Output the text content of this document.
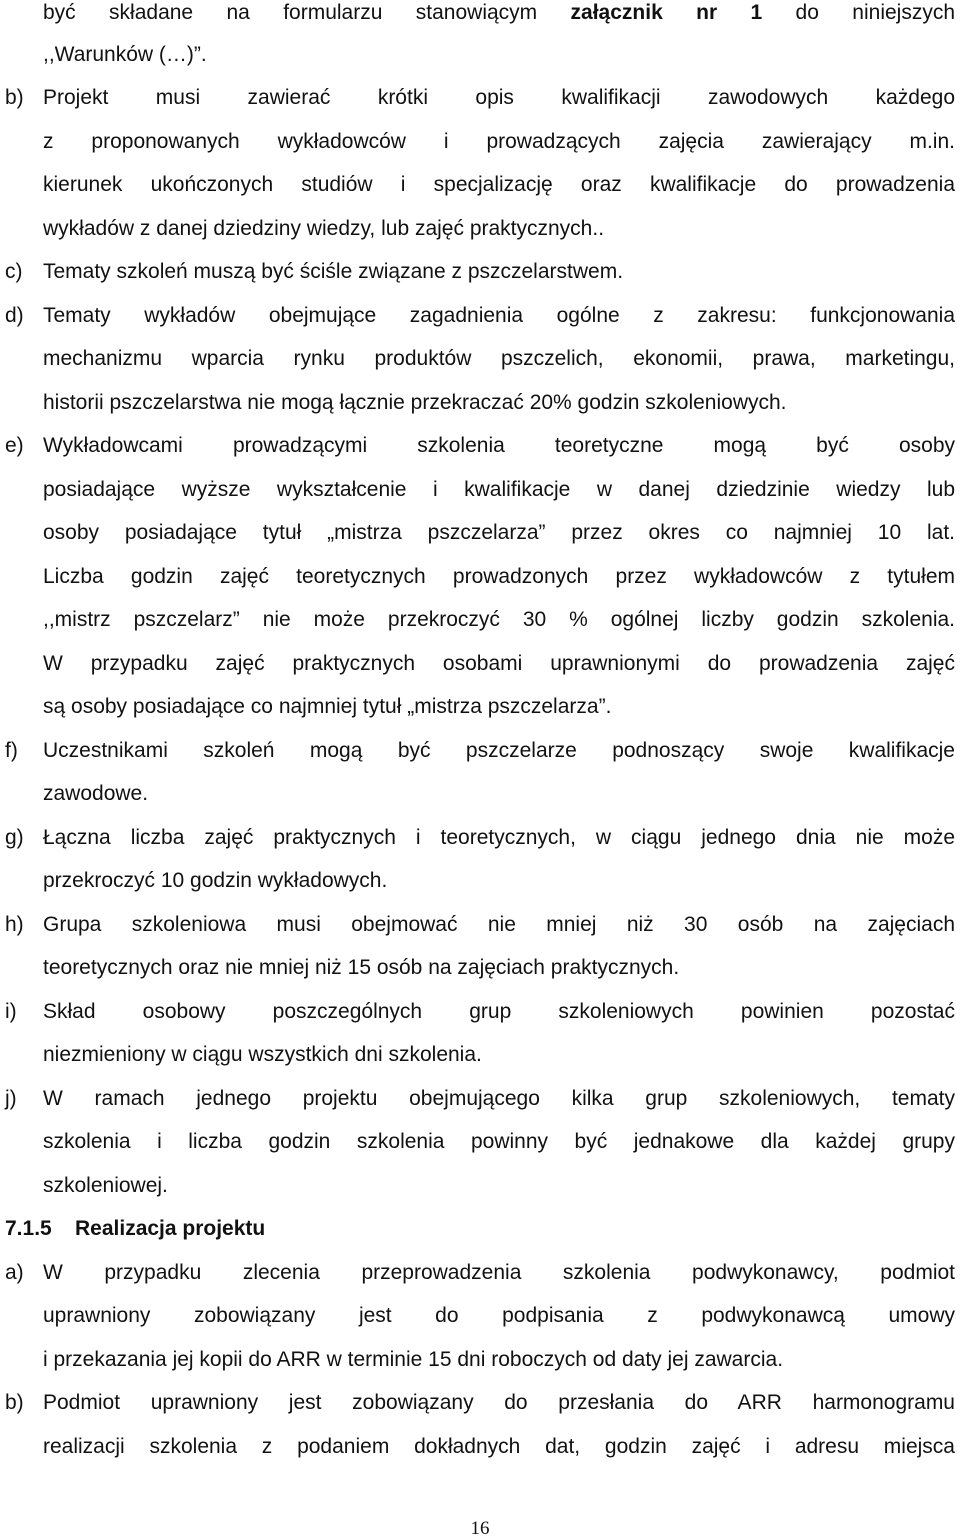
być składane na formularzu stanowiącym załącznik nr 1 do niniejszych
,,Warunków (…)”.
b) Projekt musi zawierać krótki opis kwalifikacji zawodowych każdego
z proponowanych wykładowców i prowadzących zajęcia zawierający m.in.
kierunek ukończonych studiów i specjalizację oraz kwalifikacje do prowadzenia
wykładów z danej dziedziny wiedzy, lub zajęć praktycznych..
c) Tematy szkoleń muszą być ściśle związane z pszczelarstwem.
d) Tematy wykładów obejmujące zagadnienia ogólne z zakresu: funkcjonowania
mechanizmu wparcia rynku produktów pszczelich, ekonomii, prawa, marketingu,
historii pszczelarstwa nie mogą łącznie przekraczać 20% godzin szkoleniowych.
e) Wykładowcami prowadzącymi szkolenia teoretyczne mogą być osoby
posiadające wyższe wykształcenie i kwalifikacje w danej dziedzinie wiedzy lub
osoby posiadające tytuł „mistrza pszczelarza” przez okres co najmniej 10 lat.
Liczba godzin zajęć teoretycznych prowadzonych przez wykładowców z tytułem
,,mistrz pszczelarz” nie może przekroczyć 30 % ogólnej liczby godzin szkolenia.
W przypadku zajęć praktycznych osobami uprawnionymi do prowadzenia zajęć
są osoby posiadające co najmniej tytuł „mistrza pszczelarza”.
f) Uczestnikami szkoleń mogą być pszczelarze podnoszący swoje kwalifikacje
zawodowe.
g) Łączna liczba zajęć praktycznych i teoretycznych, w ciągu jednego dnia nie może
przekroczyć 10 godzin wykładowych.
h) Grupa szkoleniowa musi obejmować nie mniej niż 30 osób na zajęciach
teoretycznych oraz nie mniej niż 15 osób na zajęciach praktycznych.
i) Skład osobowy poszczególnych grup szkoleniowych powinien pozostać
niezmieniony w ciągu wszystkich dni szkolenia.
j) W ramach jednego projektu obejmującego kilka grup szkoleniowych, tematy
szkolenia i liczba godzin szkolenia powinny być jednakowe dla każdej grupy
szkoleniowej.
7.1.5 Realizacja projektu
a) W przypadku zlecenia przeprowadzenia szkolenia podwykonawcy, podmiot
uprawniony zobowiązany jest do podpisania z podwykonawcą umowy
i przekazania jej kopii do ARR w terminie 15 dni roboczych od daty jej zawarcia.
b) Podmiot uprawniony jest zobowiązany do przesłania do ARR harmonogramu
realizacji szkolenia z podaniem dokładnych dat, godzin zajęć i adresu miejsca
16
